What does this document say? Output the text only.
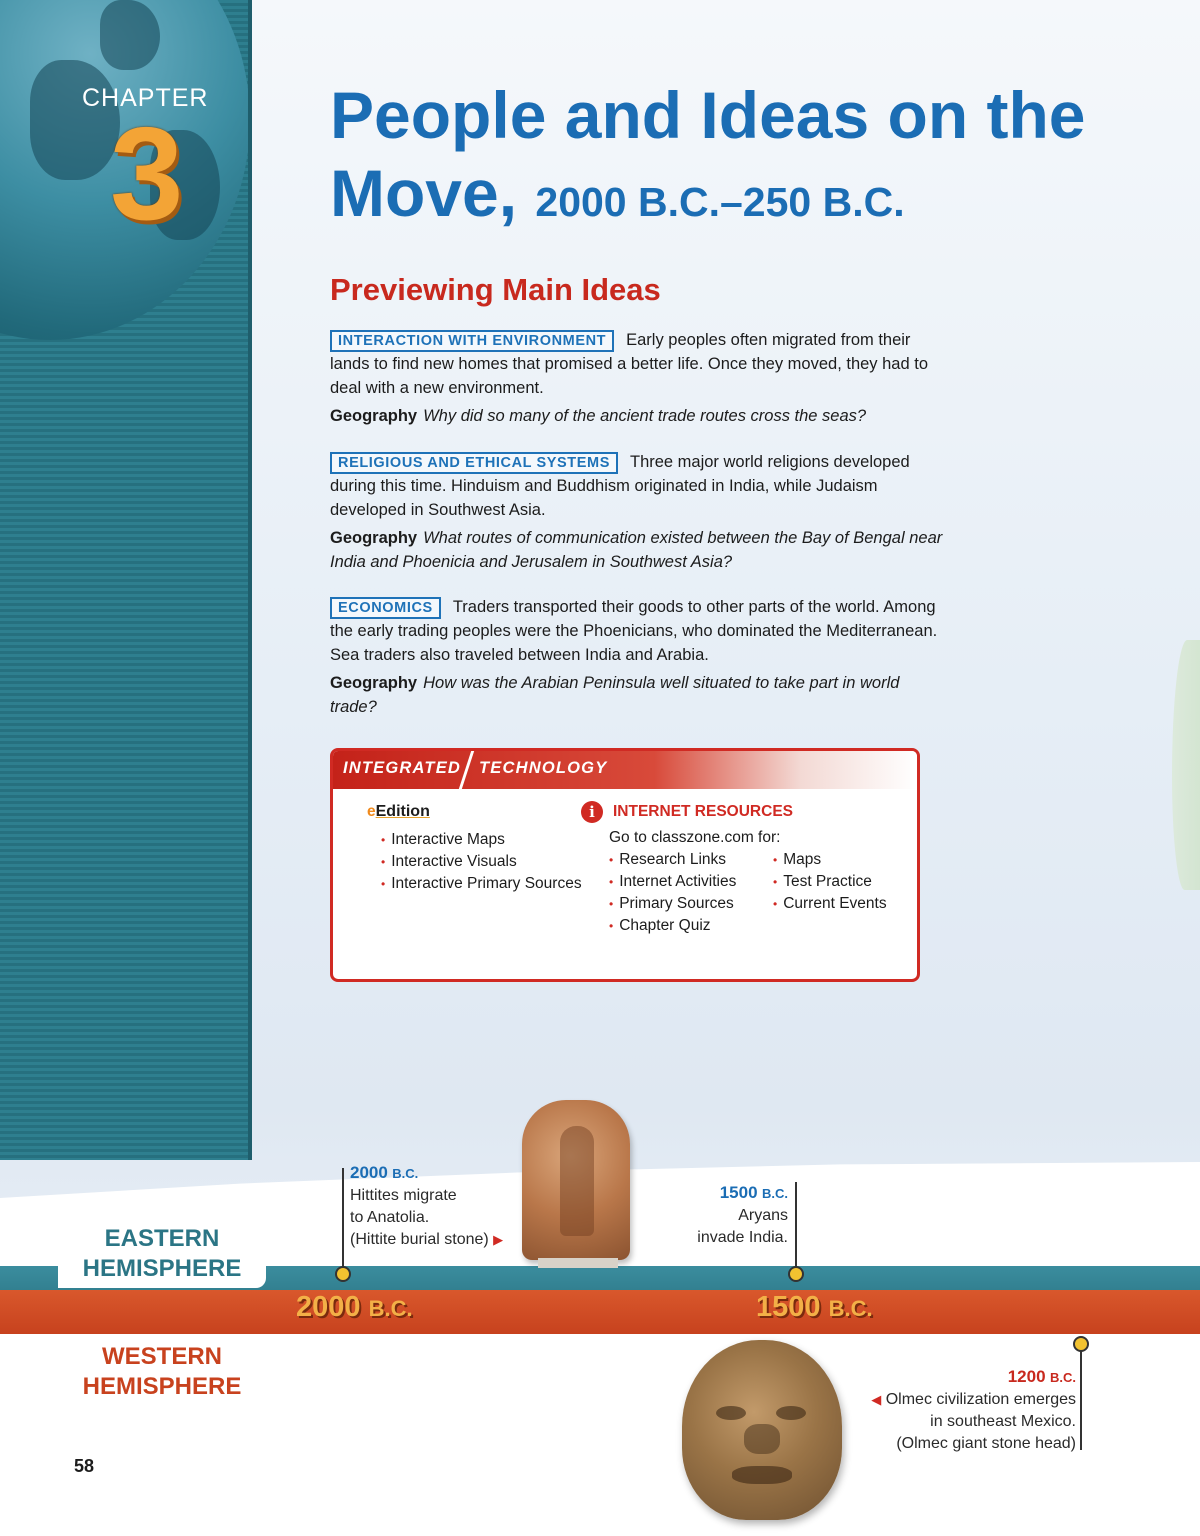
CHAPTER
3 People and Ideas on the Move, 2000 B.C.–250 B.C.
Previewing Main Ideas
INTERACTION WITH ENVIRONMENT Early peoples often migrated from their lands to find new homes that promised a better life. Once they moved, they had to deal with a new environment.
Geography Why did so many of the ancient trade routes cross the seas?
RELIGIOUS AND ETHICAL SYSTEMS Three major world religions developed during this time. Hinduism and Buddhism originated in India, while Judaism developed in Southwest Asia.
Geography What routes of communication existed between the Bay of Bengal near India and Phoenicia and Jerusalem in Southwest Asia?
ECONOMICS Traders transported their goods to other parts of the world. Among the early trading peoples were the Phoenicians, who dominated the Mediterranean. Sea traders also traveled between India and Arabia.
Geography How was the Arabian Peninsula well situated to take part in world trade?
INTEGRATED TECHNOLOGY
eEdition
• Interactive Maps
• Interactive Visuals
• Interactive Primary Sources
i INTERNET RESOURCES
Go to classzone.com for:
• Research Links
• Internet Activities
• Primary Sources
• Chapter Quiz
• Maps
• Test Practice
• Current Events
EASTERN
HEMISPHERE
WESTERN
HEMISPHERE
2000 B.C.	1500 B.C.
2000 B.C.
Hittites migrate
to Anatolia.
(Hittite burial stone) ▶
1500 B.C.
Aryans
invade India.
1200 B.C.
◀ Olmec civilization emerges
in southeast Mexico.
(Olmec giant stone head)
58
